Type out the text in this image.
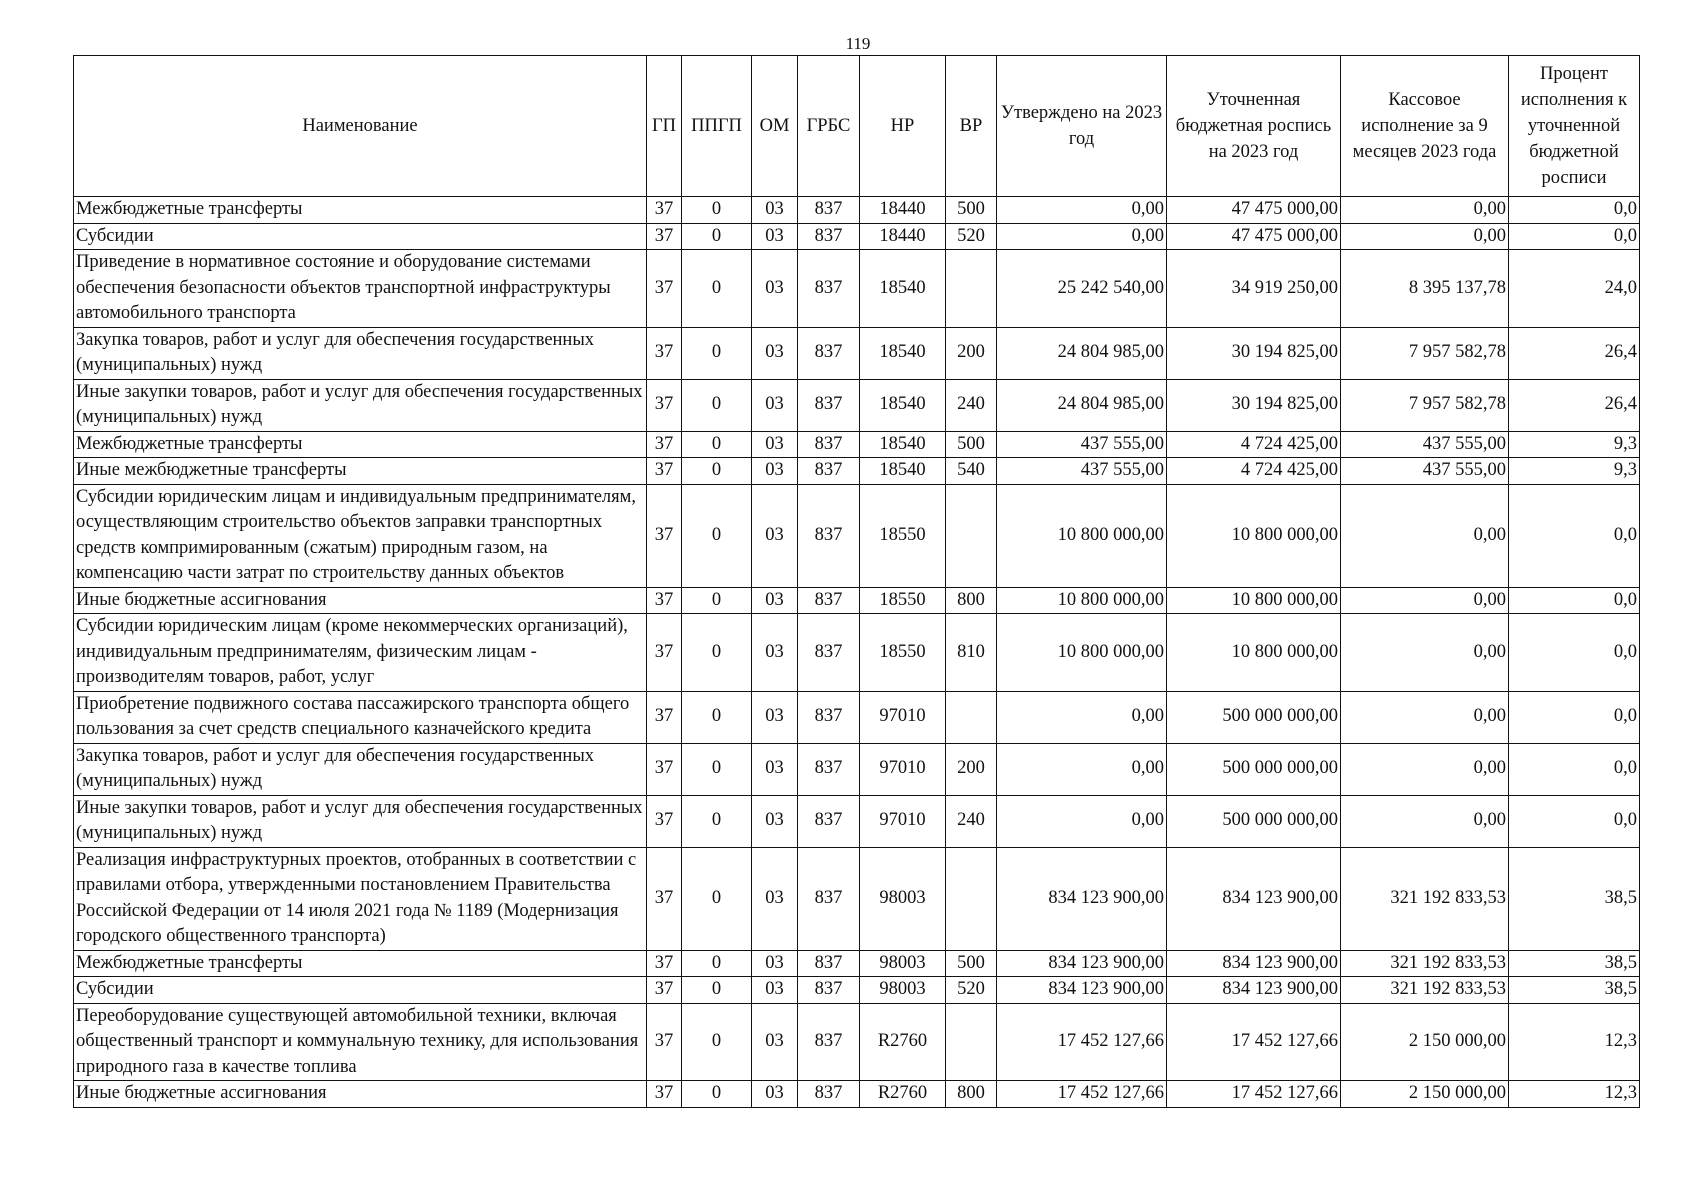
119
Наименование	ГП	ППГП	ОМ	ГРБС	НР	ВР	Утверждено на 2023 год	Уточненная бюджетная роспись на 2023 год	Кассовое исполнение за 9 месяцев 2023 года	Процент исполнения к уточненной бюджетной росписи
Межбюджетные трансферты	37	0	03	837	18440	500	0,00	47 475 000,00	0,00	0,0
Субсидии	37	0	03	837	18440	520	0,00	47 475 000,00	0,00	0,0
Приведение в нормативное состояние и оборудование системами обеспечения безопасности объектов транспортной инфраструктуры автомобильного транспорта	37	0	03	837	18540		25 242 540,00	34 919 250,00	8 395 137,78	24,0
Закупка товаров, работ и услуг для обеспечения государственных (муниципальных) нужд	37	0	03	837	18540	200	24 804 985,00	30 194 825,00	7 957 582,78	26,4
Иные закупки товаров, работ и услуг для обеспечения государственных (муниципальных) нужд	37	0	03	837	18540	240	24 804 985,00	30 194 825,00	7 957 582,78	26,4
Межбюджетные трансферты	37	0	03	837	18540	500	437 555,00	4 724 425,00	437 555,00	9,3
Иные межбюджетные трансферты	37	0	03	837	18540	540	437 555,00	4 724 425,00	437 555,00	9,3
Субсидии юридическим лицам и индивидуальным предпринимателям, осуществляющим строительство объектов заправки транспортных средств компримированным (сжатым) природным газом, на компенсацию части затрат по строительству данных объектов	37	0	03	837	18550		10 800 000,00	10 800 000,00	0,00	0,0
Иные бюджетные ассигнования	37	0	03	837	18550	800	10 800 000,00	10 800 000,00	0,00	0,0
Субсидии юридическим лицам (кроме некоммерческих организаций), индивидуальным предпринимателям, физическим лицам - производителям товаров, работ, услуг	37	0	03	837	18550	810	10 800 000,00	10 800 000,00	0,00	0,0
Приобретение подвижного состава пассажирского транспорта общего пользования за счет средств специального казначейского кредита	37	0	03	837	97010		0,00	500 000 000,00	0,00	0,0
Закупка товаров, работ и услуг для обеспечения государственных (муниципальных) нужд	37	0	03	837	97010	200	0,00	500 000 000,00	0,00	0,0
Иные закупки товаров, работ и услуг для обеспечения государственных (муниципальных) нужд	37	0	03	837	97010	240	0,00	500 000 000,00	0,00	0,0
Реализация инфраструктурных проектов, отобранных в соответствии с правилами отбора, утвержденными постановлением Правительства Российской Федерации от 14 июля 2021 года № 1189 (Модернизация городского общественного транспорта)	37	0	03	837	98003		834 123 900,00	834 123 900,00	321 192 833,53	38,5
Межбюджетные трансферты	37	0	03	837	98003	500	834 123 900,00	834 123 900,00	321 192 833,53	38,5
Субсидии	37	0	03	837	98003	520	834 123 900,00	834 123 900,00	321 192 833,53	38,5
Переоборудование существующей автомобильной техники, включая общественный транспорт и коммунальную технику, для использования природного газа в качестве топлива	37	0	03	837	R2760		17 452 127,66	17 452 127,66	2 150 000,00	12,3
Иные бюджетные ассигнования	37	0	03	837	R2760	800	17 452 127,66	17 452 127,66	2 150 000,00	12,3
